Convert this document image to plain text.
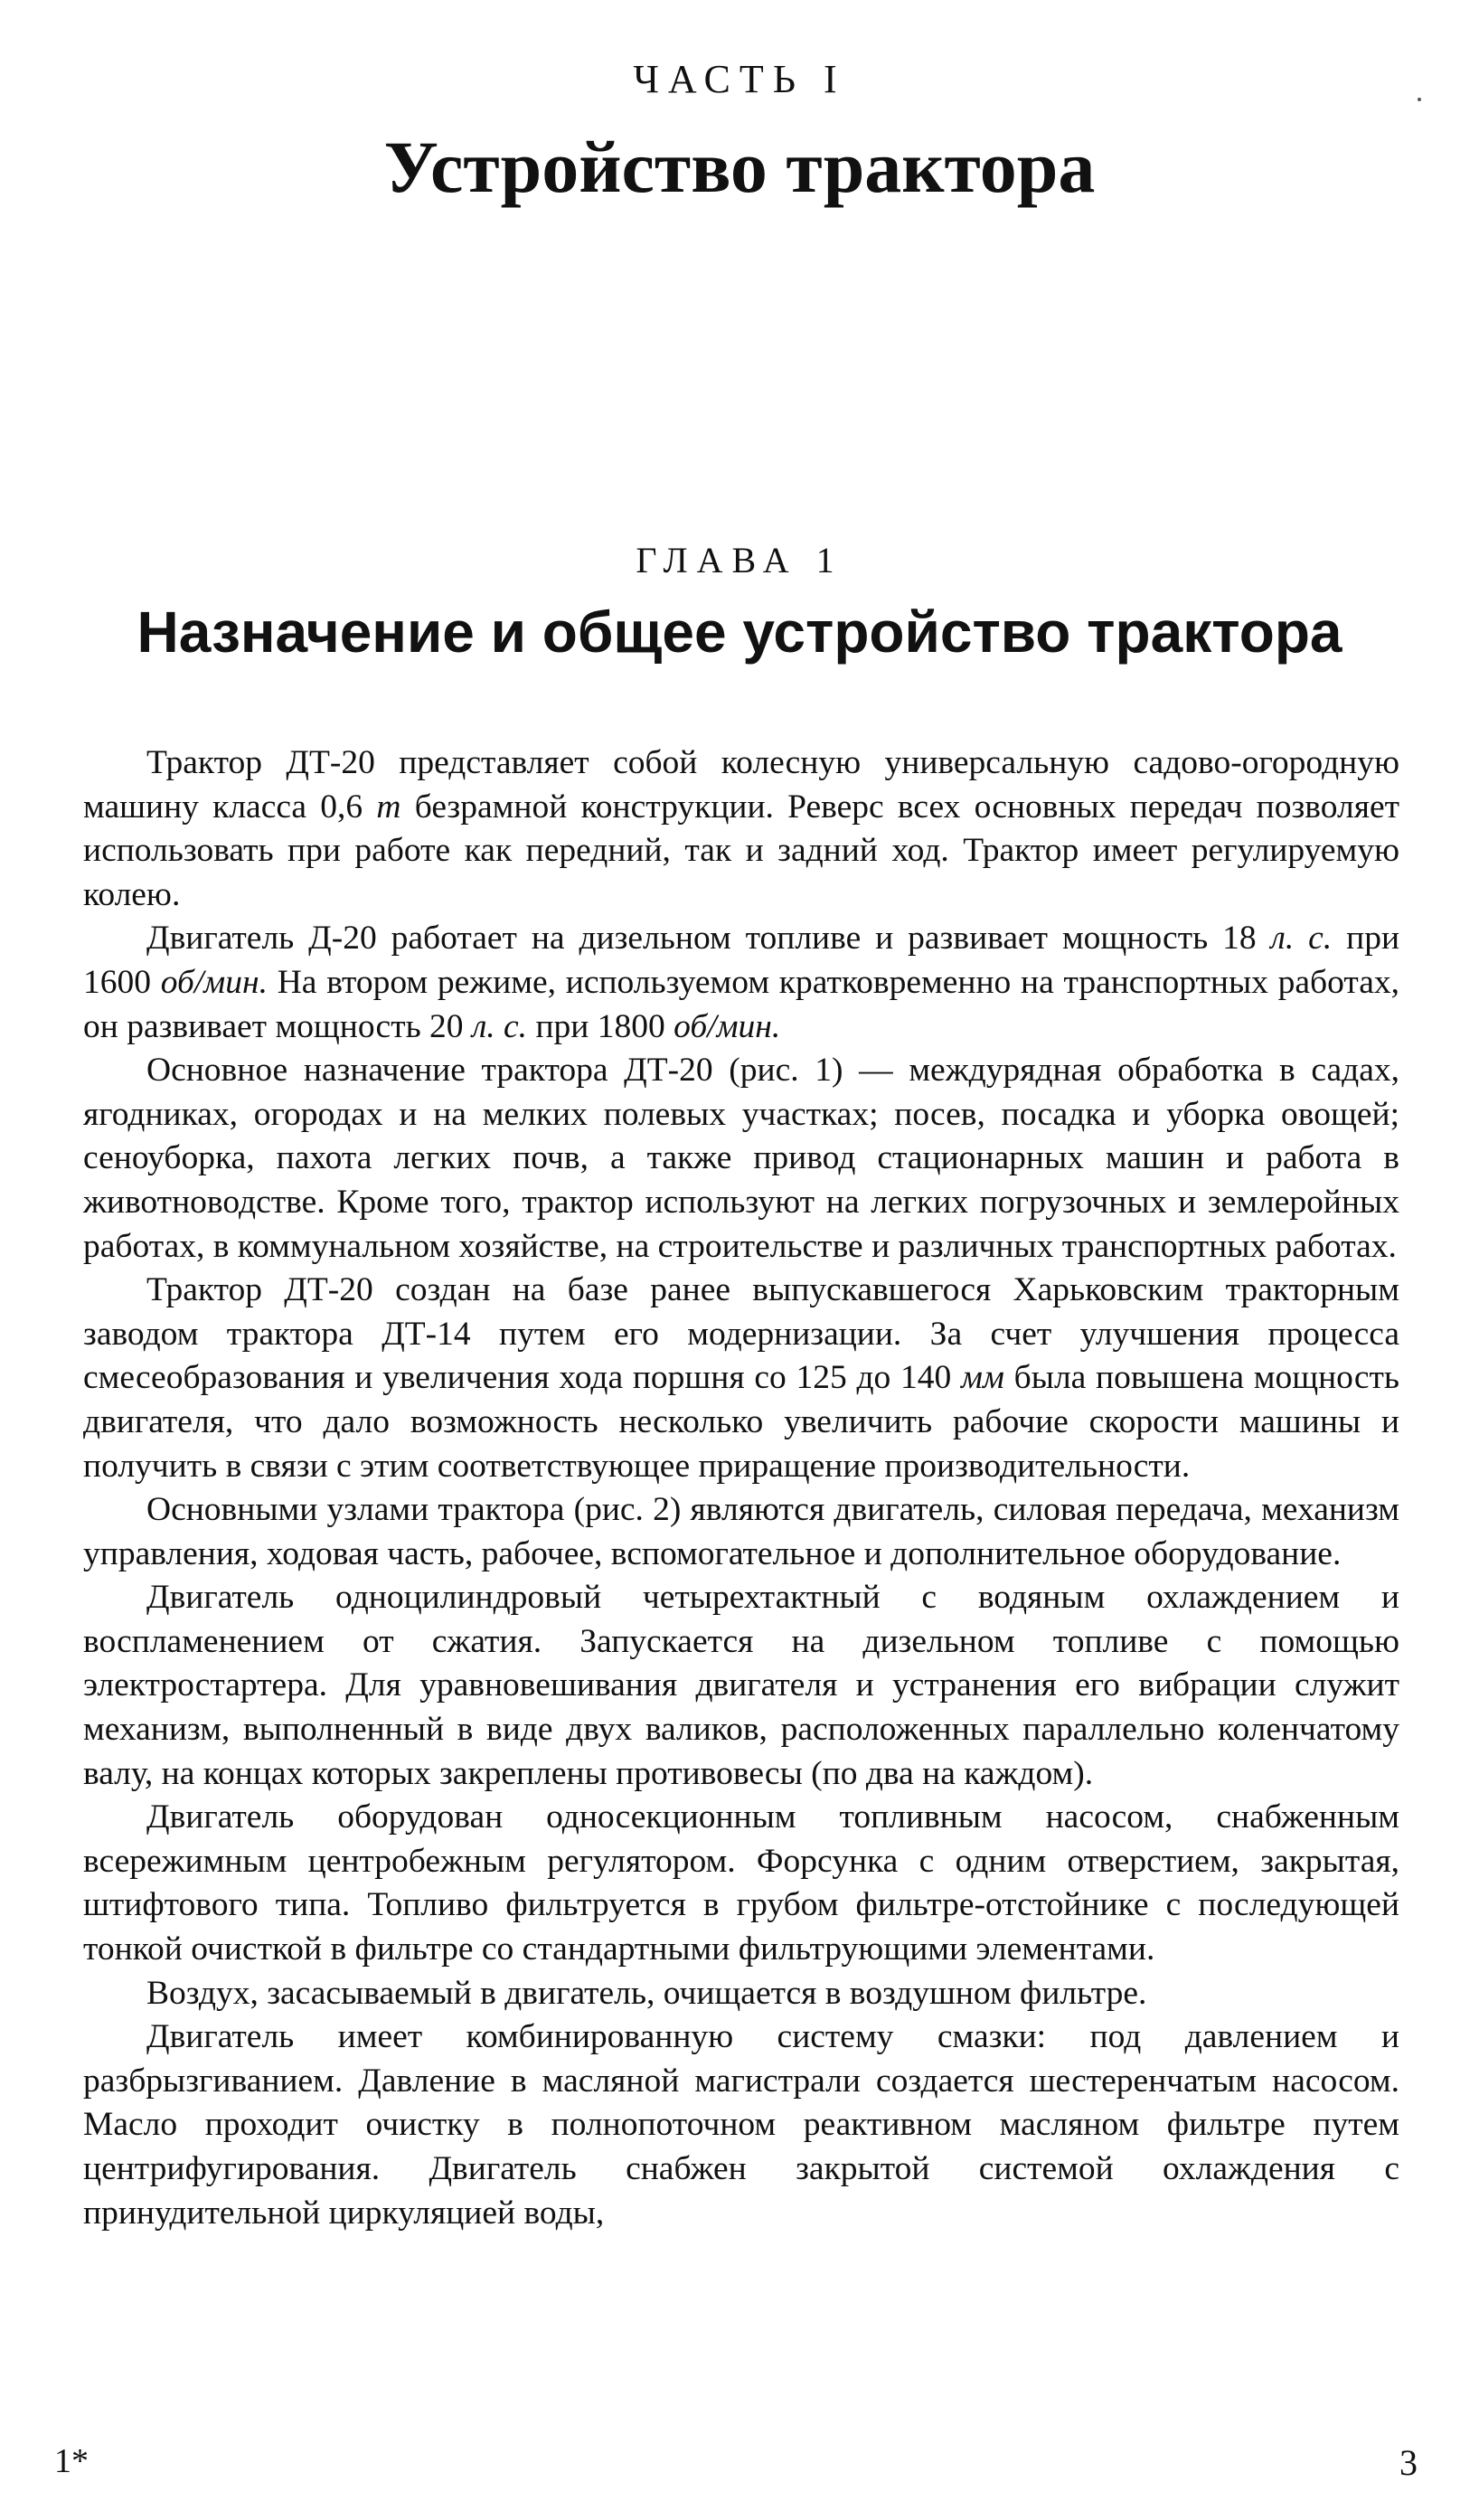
ЧАСТЬ I
Устройство трактора
ГЛАВА 1
Назначение и общее устройство трактора

Трактор ДТ-20 представляет собой колесную универсальную садово-огородную машину класса 0,6 т безрамной конструкции. Реверс всех основных передач позволяет использовать при работе как передний, так и задний ход. Трактор имеет регулируемую колею.

Двигатель Д-20 работает на дизельном топливе и развивает мощность 18 л. с. при 1600 об/мин. На втором режиме, используемом кратковременно на транспортных работах, он развивает мощность 20 л. с. при 1800 об/мин.

Основное назначение трактора ДТ-20 (рис. 1) — междурядная обработка в садах, ягодниках, огородах и на мелких полевых участках; посев, посадка и уборка овощей; сеноуборка, пахота легких почв, а также привод стационарных машин и работа в животноводстве. Кроме того, трактор используют на легких погрузочных и землеройных работах, в коммунальном хозяйстве, на строительстве и различных транспортных работах.

Трактор ДТ-20 создан на базе ранее выпускавшегося Харьковским тракторным заводом трактора ДТ-14 путем его модернизации. За счет улучшения процесса смесеобразования и увеличения хода поршня со 125 до 140 мм была повышена мощность двигателя, что дало возможность несколько увеличить рабочие скорости машины и получить в связи с этим соответствующее приращение производительности.

Основными узлами трактора (рис. 2) являются двигатель, силовая передача, механизм управления, ходовая часть, рабочее, вспомогательное и дополнительное оборудование.

Двигатель одноцилиндровый четырехтактный с водяным охлаждением и воспламенением от сжатия. Запускается на дизельном топливе с помощью электростартера. Для уравновешивания двигателя и устранения его вибрации служит механизм, выполненный в виде двух валиков, расположенных параллельно коленчатому валу, на концах которых закреплены противовесы (по два на каждом).

Двигатель оборудован односекционным топливным насосом, снабженным всережимным центробежным регулятором. Форсунка с одним отверстием, закрытая, штифтового типа. Топливо фильтруется в грубом фильтре-отстойнике с последующей тонкой очисткой в фильтре со стандартными фильтрующими элементами.

Воздух, засасываемый в двигатель, очищается в воздушном фильтре.

Двигатель имеет комбинированную систему смазки: под давлением и разбрызгиванием. Давление в масляной магистрали создается шестеренчатым насосом. Масло проходит очистку в полнопоточном реактивном масляном фильтре путем центрифугирования. Двигатель снабжен закрытой системой охлаждения с принудительной циркуляцией воды,

1*	3
